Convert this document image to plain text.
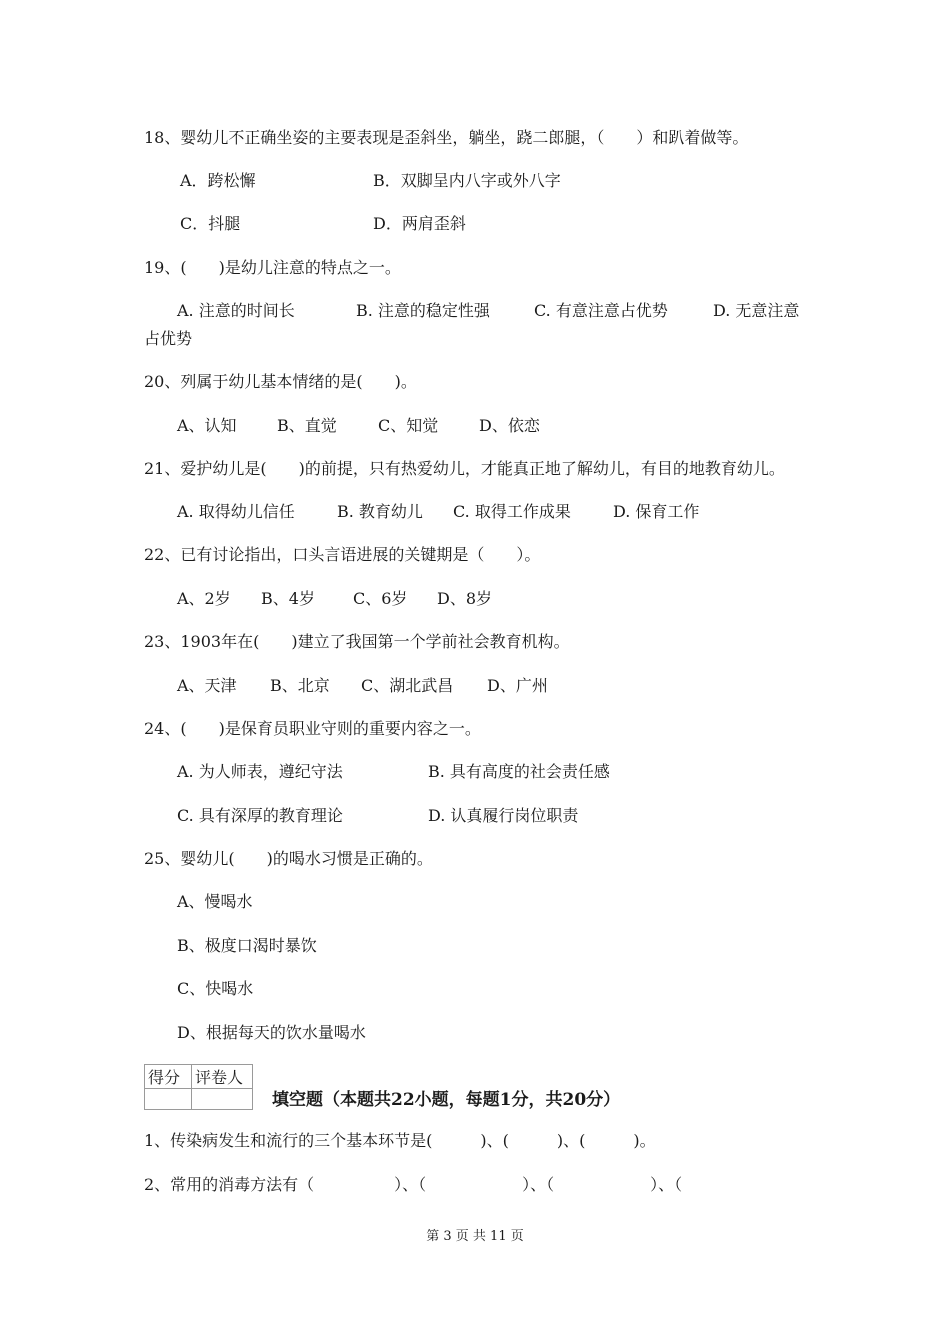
18、婴幼儿不正确坐姿的主要表现是歪斜坐，躺坐，跷二郎腿，（　　）和趴着做等。
A．跨松懈	B．双脚呈内八字或外八字
C．抖腿	D．两肩歪斜
19、(　　)是幼儿注意的特点之一。
A. 注意的时间长	B. 注意的稳定性强	C. 有意注意占优势	D. 无意注意
占优势
20、列属于幼儿基本情绪的是(　　)。
A、认知	B、直觉	C、知觉	D、依恋
21、爱护幼儿是(　　)的前提，只有热爱幼儿，才能真正地了解幼儿，有目的地教育幼儿。
A. 取得幼儿信任	B. 教育幼儿 C. 取得工作成果	D. 保育工作
22、已有讨论指出，口头言语进展的关键期是（　　）。
A、2岁 B、4岁 C、6岁 D、8岁
23、1903年在(　　)建立了我国第一个学前社会教育机构。
A、天津 B、北京 C、湖北武昌 D、广州
24、(　　)是保育员职业守则的重要内容之一。
A. 为人师表，遵纪守法	B. 具有高度的社会责任感
C. 具有深厚的教育理论	D. 认真履行岗位职责
25、婴幼儿(　　)的喝水习惯是正确的。
A、慢喝水
B、极度口渴时暴饮
C、快喝水
D、根据每天的饮水量喝水
得分	评卷人

填空题（本题共22小题，每题1分，共20分）
1、传染病发生和流行的三个基本环节是(　　　)、(　　　)、(　　　)。
2、常用的消毒方法有（　　　　　）、（　　　　　　）、（　　　　　　）、（
第 3 页 共 11 页
